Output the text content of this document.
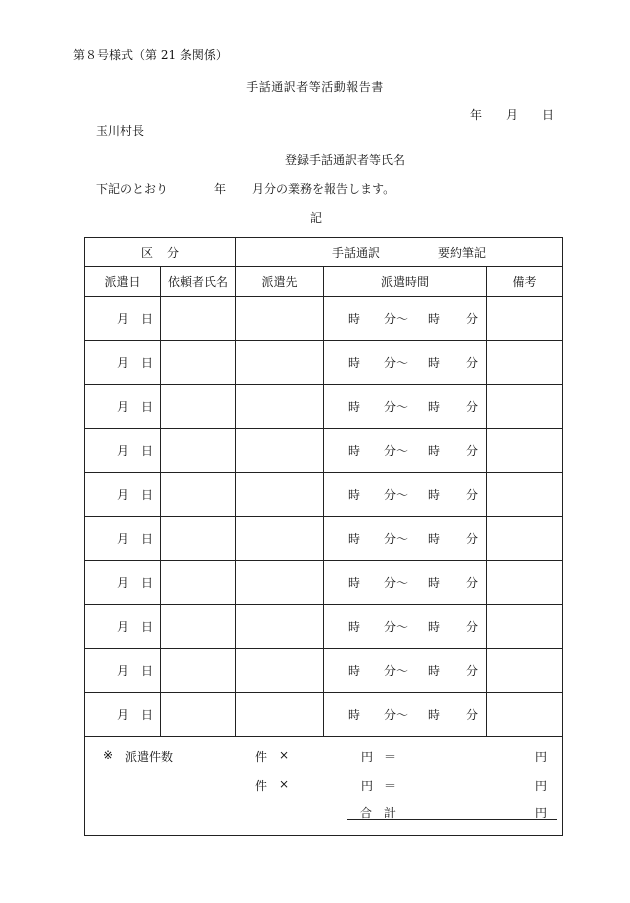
第８号様式（第 21 条関係）
手話通訳者等活動報告書
年 月 日
玉川村長
登録手話通訳者等氏名
下記のとおり	年 月分の業務を報告します。
記
区 分		手話通訳 要約筆記		
派遣日	依頼者氏名	派遣先	派遣時間	備考
月 日			時 分～ 時 分	
月 日			時 分～ 時 分	
月 日			時 分～ 時 分	
月 日			時 分～ 時 分	
月 日			時 分～ 時 分	
月 日			時 分～ 時 分	
月 日			時 分～ 時 分	
月 日			時 分～ 時 分	
月 日			時 分～ 時 分	
月 日			時 分～ 時 分	
※ 派遣件数	件 ×	円 ＝	円
件 ×	円 ＝	円
合　計	円
